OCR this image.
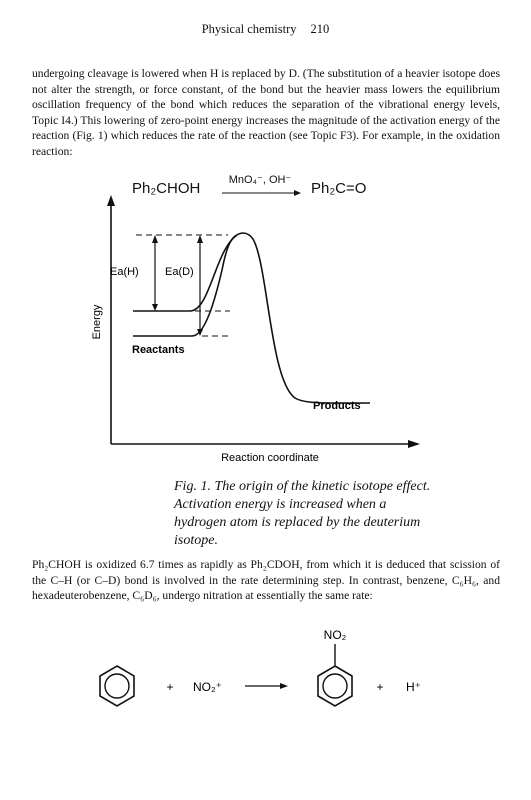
Physical chemistry 210
undergoing cleavage is lowered when H is replaced by D. (The substitution of a heavier isotope does not alter the strength, or force constant, of the bond but the heavier mass lowers the equilibrium oscillation frequency of the bond which reduces the separation of the vibrational energy levels, Topic I4.) This lowering of zero-point energy increases the magnitude of the activation energy of the reaction (Fig. 1) which reduces the rate of the reaction (see Topic F3). For example, in the oxidation reaction:
Ph₂CHOH	MnO₄⁻, OH⁻	Ph₂C=O
Ea(H) Ea(D)
Reactants
Products
Reaction coordinate
Energy
Fig. 1. The origin of the kinetic isotope effect. Activation energy is increased when a hydrogen atom is replaced by the deuterium isotope.
Ph₂CHOH is oxidized 6.7 times as rapidly as Ph₂CDOH, from which it is deduced that scission of the C–H (or C–D) bond is involved in the rate determining step. In contrast, benzene, C₆H₆, and hexadeuterobenzene, C₆D₆, undergo nitration at essentially the same rate:
+ NO₂⁺
NO₂
+ H⁺
